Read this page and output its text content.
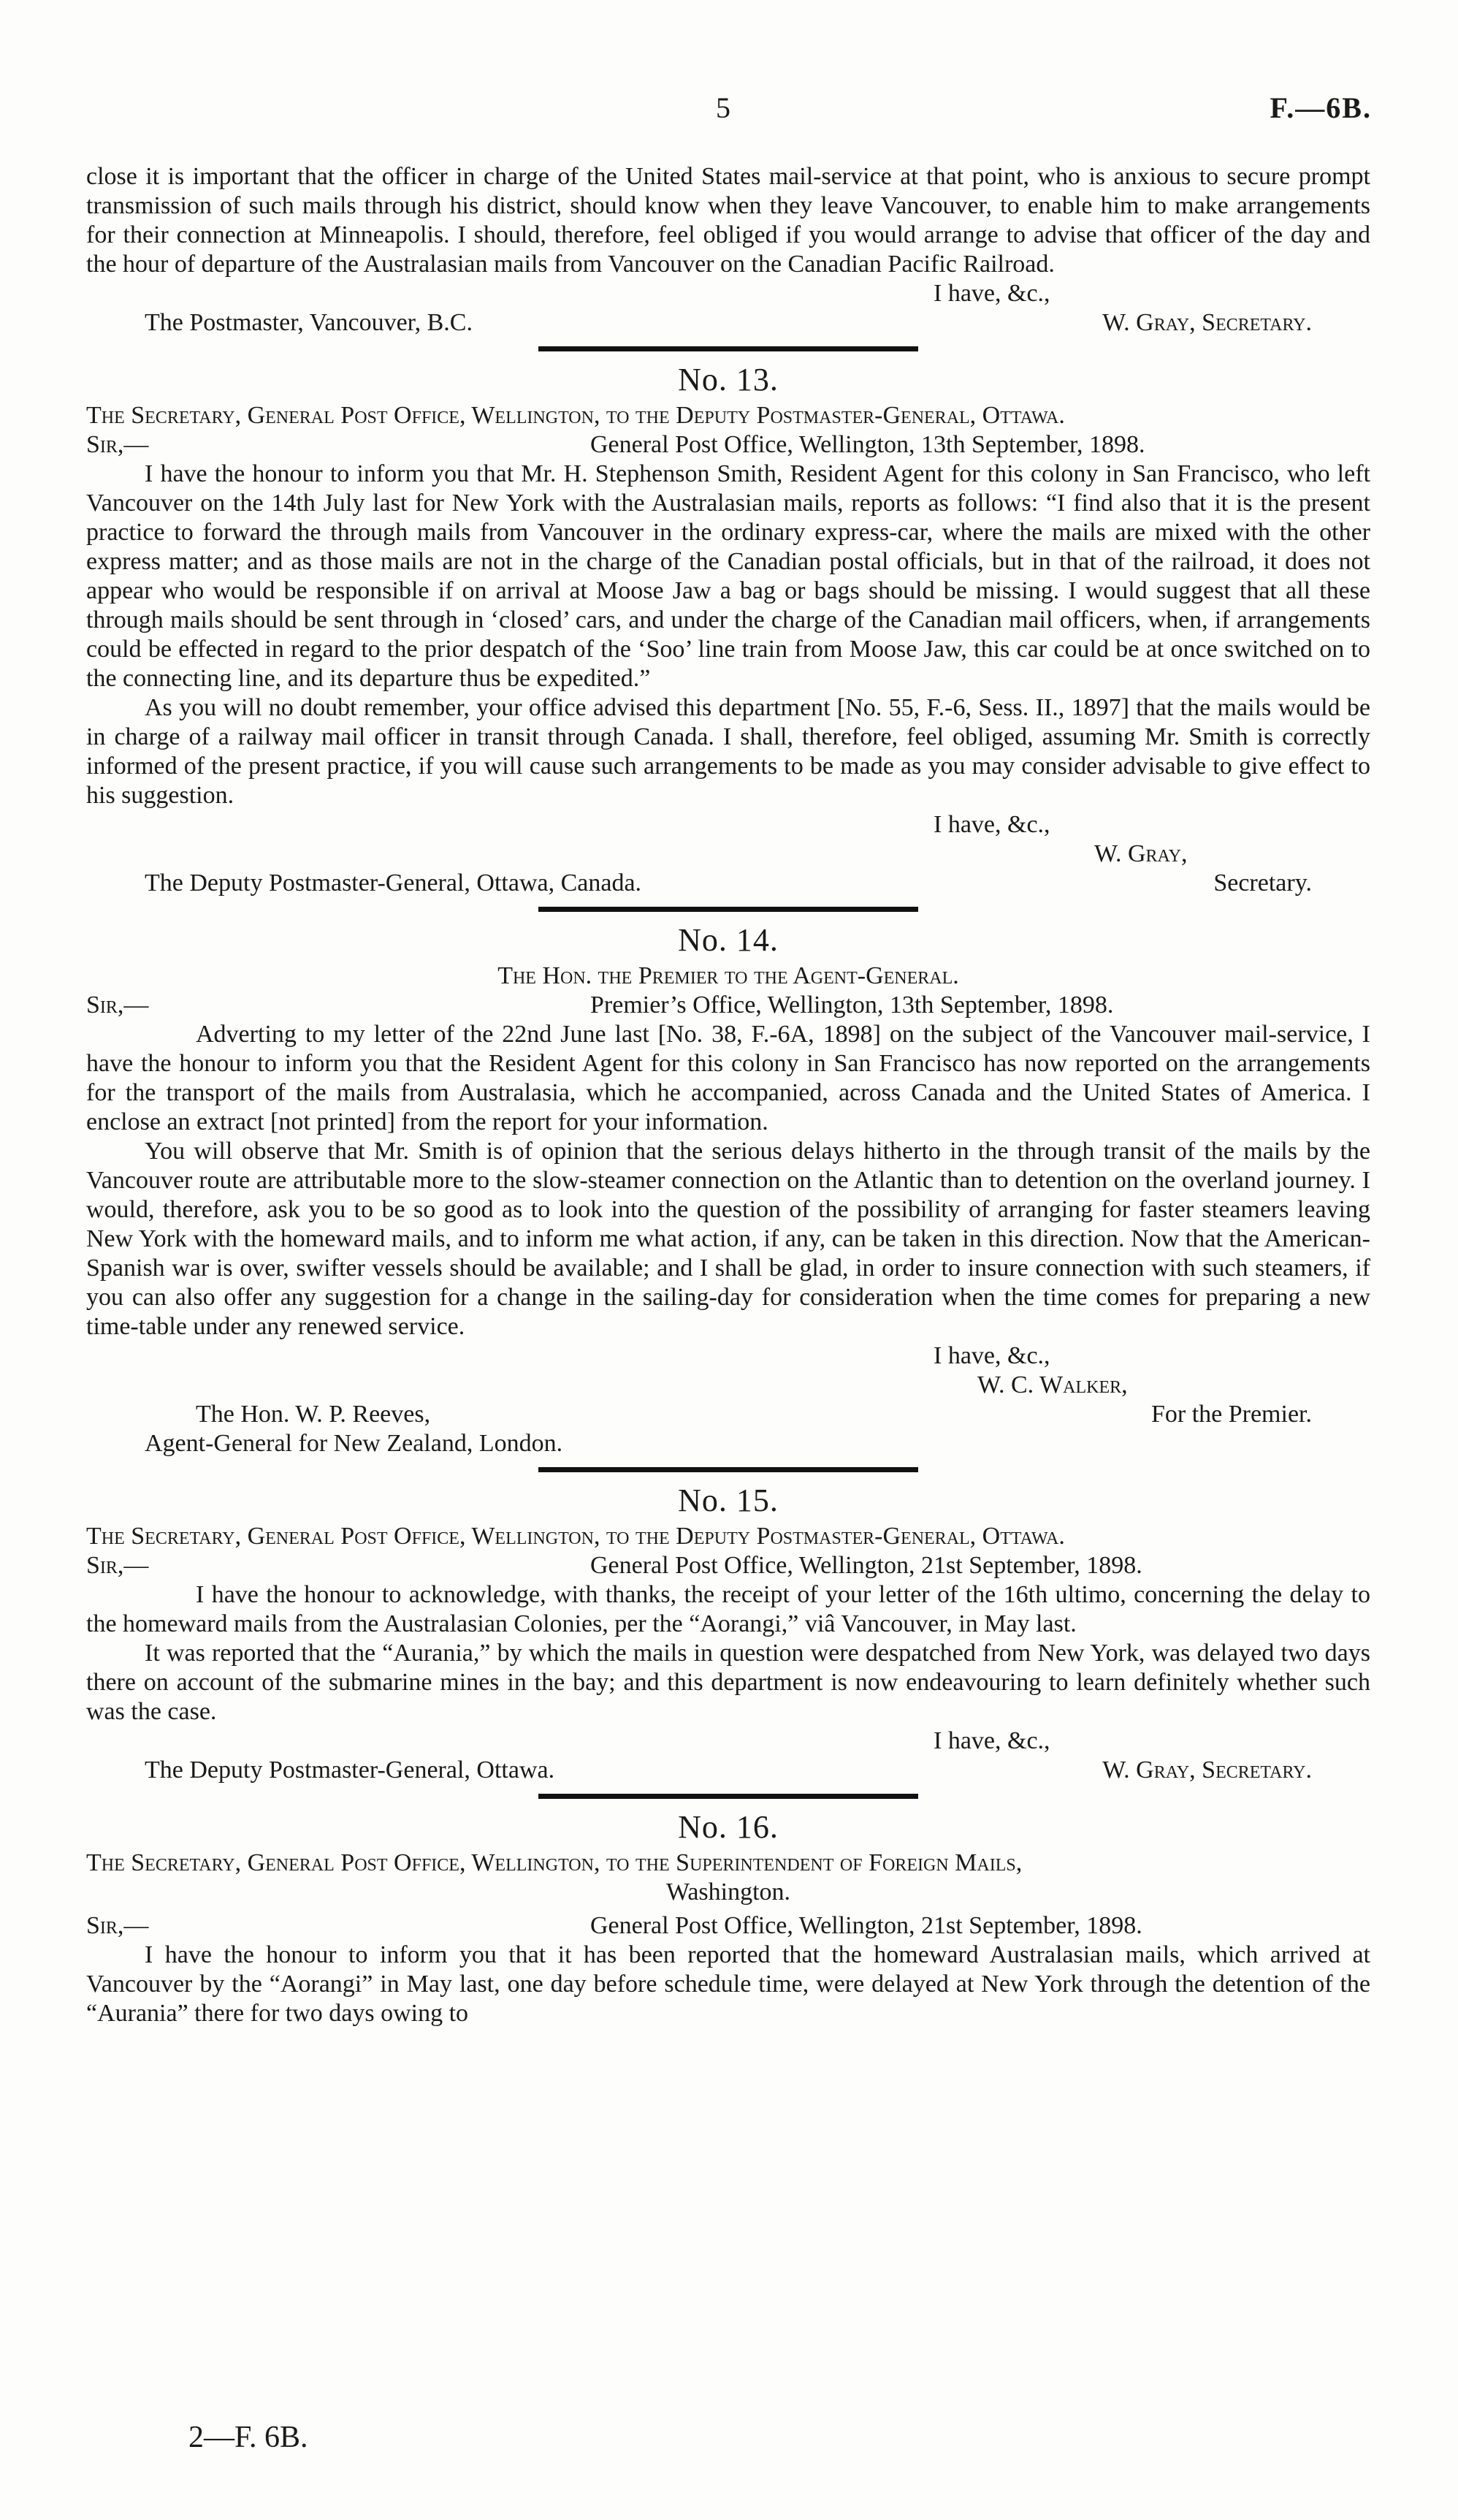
5	F.—6B.

close it is important that the officer in charge of the United States mail-service at that point, who is anxious to secure prompt transmission of such mails through his district, should know when they leave Vancouver, to enable him to make arrangements for their connection at Minneapolis. I should, therefore, feel obliged if you would arrange to advise that officer of the day and the hour of departure of the Australasian mails from Vancouver on the Canadian Pacific Railroad.

I have, &c.,

The Postmaster, Vancouver, B.C.	W. Gray, Secretary.

No. 13.

The Secretary, General Post Office, Wellington, to the Deputy Postmaster-General, Ottawa.

Sir,—	General Post Office, Wellington, 13th September, 1898.

I have the honour to inform you that Mr. H. Stephenson Smith, Resident Agent for this colony in San Francisco, who left Vancouver on the 14th July last for New York with the Australasian mails, reports as follows: “I find also that it is the present practice to forward the through mails from Vancouver in the ordinary express-car, where the mails are mixed with the other express matter; and as those mails are not in the charge of the Canadian postal officials, but in that of the railroad, it does not appear who would be responsible if on arrival at Moose Jaw a bag or bags should be missing. I would suggest that all these through mails should be sent through in ‘closed’ cars, and under the charge of the Canadian mail officers, when, if arrangements could be effected in regard to the prior despatch of the ‘Soo’ line train from Moose Jaw, this car could be at once switched on to the connecting line, and its departure thus be expedited.”

As you will no doubt remember, your office advised this department [No. 55, F.-6, Sess. II., 1897] that the mails would be in charge of a railway mail officer in transit through Canada. I shall, therefore, feel obliged, assuming Mr. Smith is correctly informed of the present practice, if you will cause such arrangements to be made as you may consider advisable to give effect to his suggestion.

I have, &c.,

W. Gray,

The Deputy Postmaster-General, Ottawa, Canada.	Secretary.

No. 14.

The Hon. the Premier to the Agent-General.

Sir,—	Premier’s Office, Wellington, 13th September, 1898.

Adverting to my letter of the 22nd June last [No. 38, F.-6A, 1898] on the subject of the Vancouver mail-service, I have the honour to inform you that the Resident Agent for this colony in San Francisco has now reported on the arrangements for the transport of the mails from Australasia, which he accompanied, across Canada and the United States of America. I enclose an extract [not printed] from the report for your information.

You will observe that Mr. Smith is of opinion that the serious delays hitherto in the through transit of the mails by the Vancouver route are attributable more to the slow-steamer connection on the Atlantic than to detention on the overland journey. I would, therefore, ask you to be so good as to look into the question of the possibility of arranging for faster steamers leaving New York with the homeward mails, and to inform me what action, if any, can be taken in this direction. Now that the American-Spanish war is over, swifter vessels should be available; and I shall be glad, in order to insure connection with such steamers, if you can also offer any suggestion for a change in the sailing-day for consideration when the time comes for preparing a new time-table under any renewed service.

I have, &c.,

W. C. Walker,

The Hon. W. P. Reeves,	For the Premier.

Agent-General for New Zealand, London.

No. 15.

The Secretary, General Post Office, Wellington, to the Deputy Postmaster-General, Ottawa.

Sir,—	General Post Office, Wellington, 21st September, 1898.

I have the honour to acknowledge, with thanks, the receipt of your letter of the 16th ultimo, concerning the delay to the homeward mails from the Australasian Colonies, per the “Aorangi,” viâ Vancouver, in May last.

It was reported that the “Aurania,” by which the mails in question were despatched from New York, was delayed two days there on account of the submarine mines in the bay; and this department is now endeavouring to learn definitely whether such was the case.

I have, &c.,

The Deputy Postmaster-General, Ottawa.	W. Gray, Secretary.

No. 16.

The Secretary, General Post Office, Wellington, to the Superintendent of Foreign Mails,

Washington.

Sir,—	General Post Office, Wellington, 21st September, 1898.

I have the honour to inform you that it has been reported that the homeward Australasian mails, which arrived at Vancouver by the “Aorangi” in May last, one day before schedule time, were delayed at New York through the detention of the “Aurania” there for two days owing to

2—F. 6B.
